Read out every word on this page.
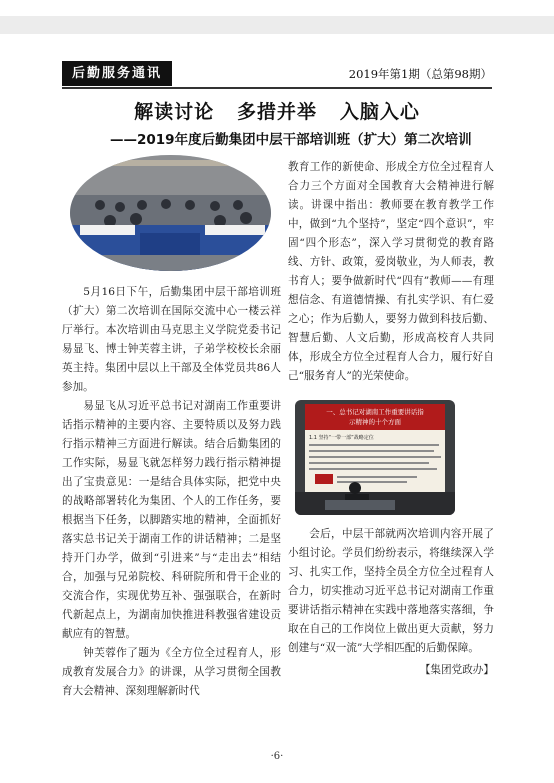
后勤服务通讯	2019年第1期（总第98期）
解读讨论   多措并举   入脑入心
——2019年度后勤集团中层干部培训班（扩大）第二次培训
一、总书记对湖南工作重要讲话指
示精神的十个方面
1.1 坚持“一带一部”战略定位

5月16日下午，后勤集团中层干部培训班（扩大）第二次培训在国际交流中心一楼云祥厅举行。本次培训由马克思主义学院党委书记易显飞、博士钟芙蓉主讲，子弟学校校长余丽英主持。集团中层以上干部及全体党员共86人参加。

易显飞从习近平总书记对湖南工作重要讲话指示精神的主要内容、主要特质以及努力践行指示精神三方面进行解读。结合后勤集团的工作实际，易显飞就怎样努力践行指示精神提出了宝贵意见：一是结合具体实际，把党中央的战略部署转化为集团、个人的工作任务，要根据当下任务，以脚踏实地的精神，全面抓好落实总书记关于湖南工作的讲话精神；二是坚持开门办学，做到“引进来”与“走出去”相结合，加强与兄弟院校、科研院所和骨干企业的交流合作，实现优势互补、强强联合，在新时代新起点上，为湖南加快推进科教强省建设贡献应有的智慧。

钟芙蓉作了题为《全方位全过程育人，形成教育发展合力》的讲课，从学习贯彻全国教育大会精神、深刻理解新时代

教育工作的新使命、形成全方位全过程育人合力三个方面对全国教育大会精神进行解读。讲课中指出：教师要在教育教学工作中，做到“九个坚持”，坚定“四个意识”，牢固“四个形态”，深入学习贯彻党的教育路线、方针、政策，爱岗敬业，为人师表，教书育人；要争做新时代“四有”教师——有理想信念、有道德情操、有扎实学识、有仁爱之心；作为后勤人，要努力做到科技后勤、智慧后勤、人文后勤，形成高校育人共同体，形成全方位全过程育人合力，履行好自己“服务育人”的光荣使命。

会后，中层干部就两次培训内容开展了小组讨论。学员们纷纷表示，将继续深入学习、扎实工作，坚持全员全方位全过程育人合力，切实推动习近平总书记对湖南工作重要讲话指示精神在实践中落地落实落细，争取在自己的工作岗位上做出更大贡献，努力创建与“双一流”大学相匹配的后勤保障。

【集团党政办】
·6·
